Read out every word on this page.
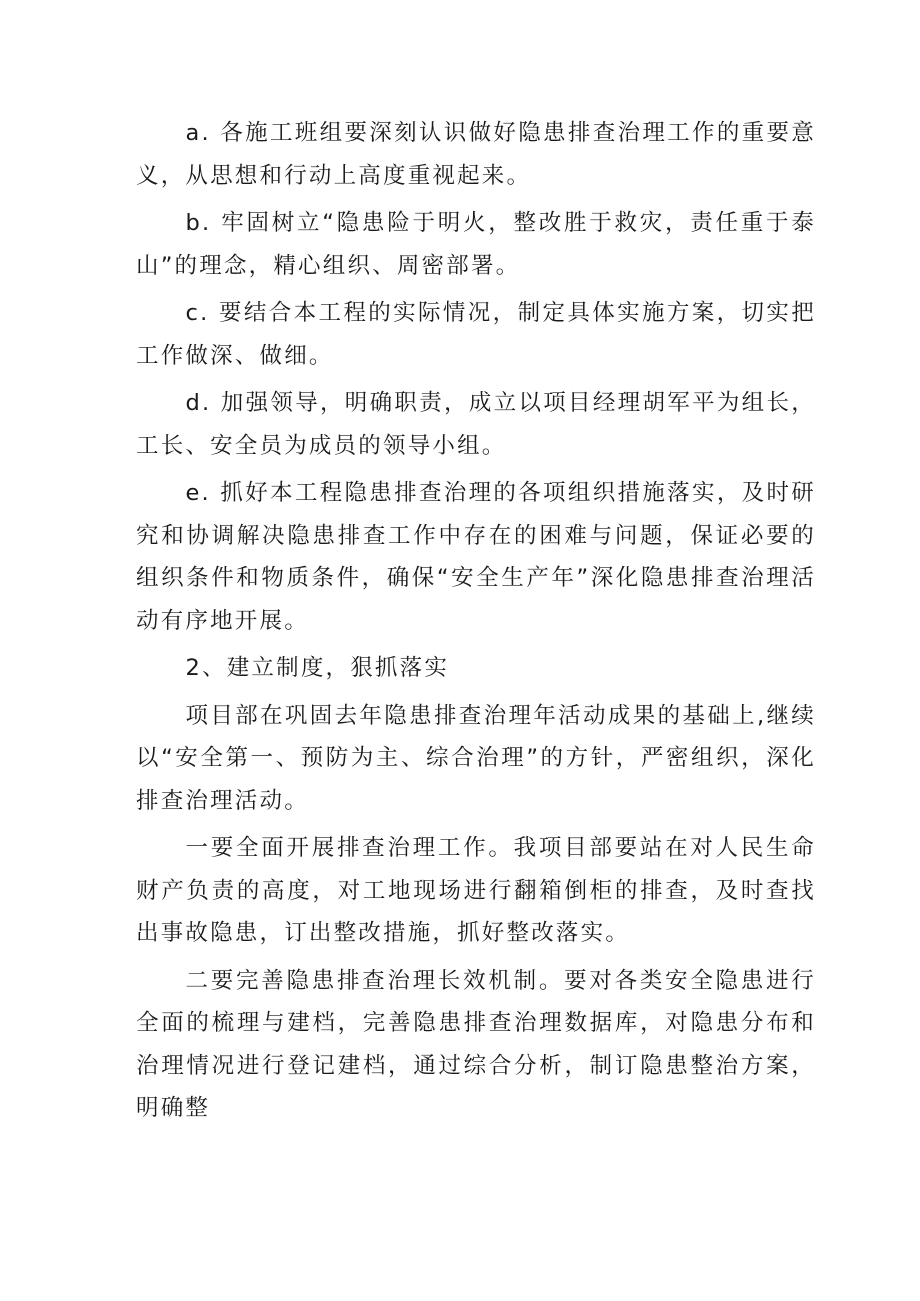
a. 各施工班组要深刻认识做好隐患排查治理工作的重要意义，从思想和行动上高度重视起来。

b. 牢固树立“隐患险于明火，整改胜于救灾，责任重于泰山”的理念，精心组织、周密部署。

c. 要结合本工程的实际情况，制定具体实施方案，切实把工作做深、做细。

d. 加强领导，明确职责，成立以项目经理胡军平为组长，工长、安全员为成员的领导小组。

e. 抓好本工程隐患排查治理的各项组织措施落实，及时研究和协调解决隐患排查工作中存在的困难与问题，保证必要的组织条件和物质条件，确保“安全生产年”深化隐患排查治理活动有序地开展。

2、建立制度，狠抓落实

项目部在巩固去年隐患排查治理年活动成果的基础上,继续以“安全第一、预防为主、综合治理”的方针，严密组织，深化排查治理活动。

一要全面开展排查治理工作。我项目部要站在对人民生命财产负责的高度，对工地现场进行翻箱倒柜的排查，及时查找出事故隐患，订出整改措施，抓好整改落实。

二要完善隐患排查治理长效机制。要对各类安全隐患进行全面的梳理与建档，完善隐患排查治理数据库，对隐患分布和治理情况进行登记建档，通过综合分析，制订隐患整治方案，明确整
